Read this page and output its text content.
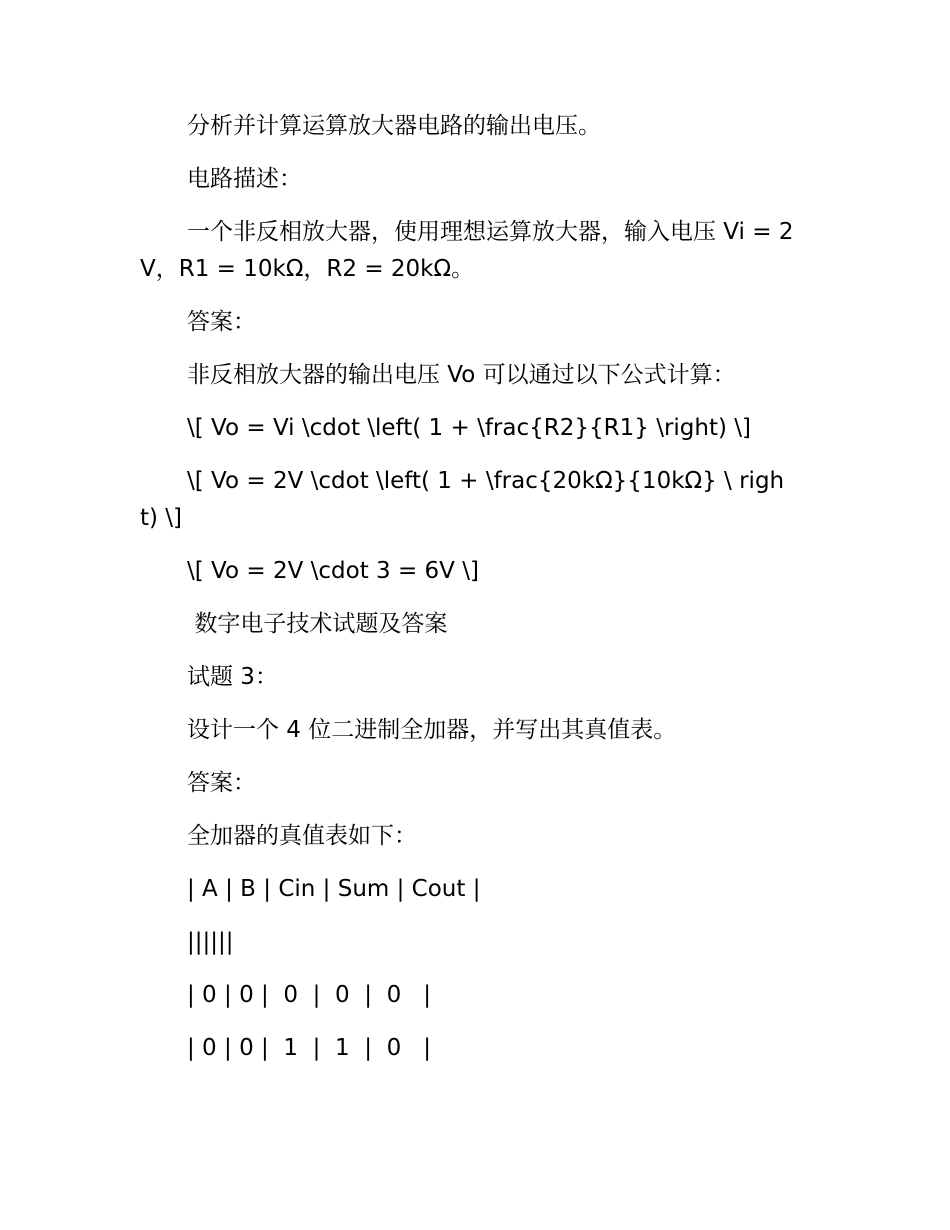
分析并计算运算放大器电路的输出电压。

电路描述：

一个非反相放大器，使用理想运算放大器，输入电压 Vi = 2V，R1 = 10kΩ，R2 = 20kΩ。

答案：

非反相放大器的输出电压 Vo 可以通过以下公式计算：

\[ Vo = Vi \cdot \left( 1 + \frac{R2}{R1} \right) \]

\[ Vo = 2V \cdot \left( 1 + \frac{20kΩ}{10kΩ} \ right) \]

\[ Vo = 2V \cdot 3 = 6V \]

数字电子技术试题及答案

试题 3：

设计一个 4 位二进制全加器，并写出其真值表。

答案：

全加器的真值表如下：

| A | B | Cin | Sum | Cout |

||||||

| 0 | 0 |  0  |  0  |  0   |

| 0 | 0 |  1  |  1  |  0   |
